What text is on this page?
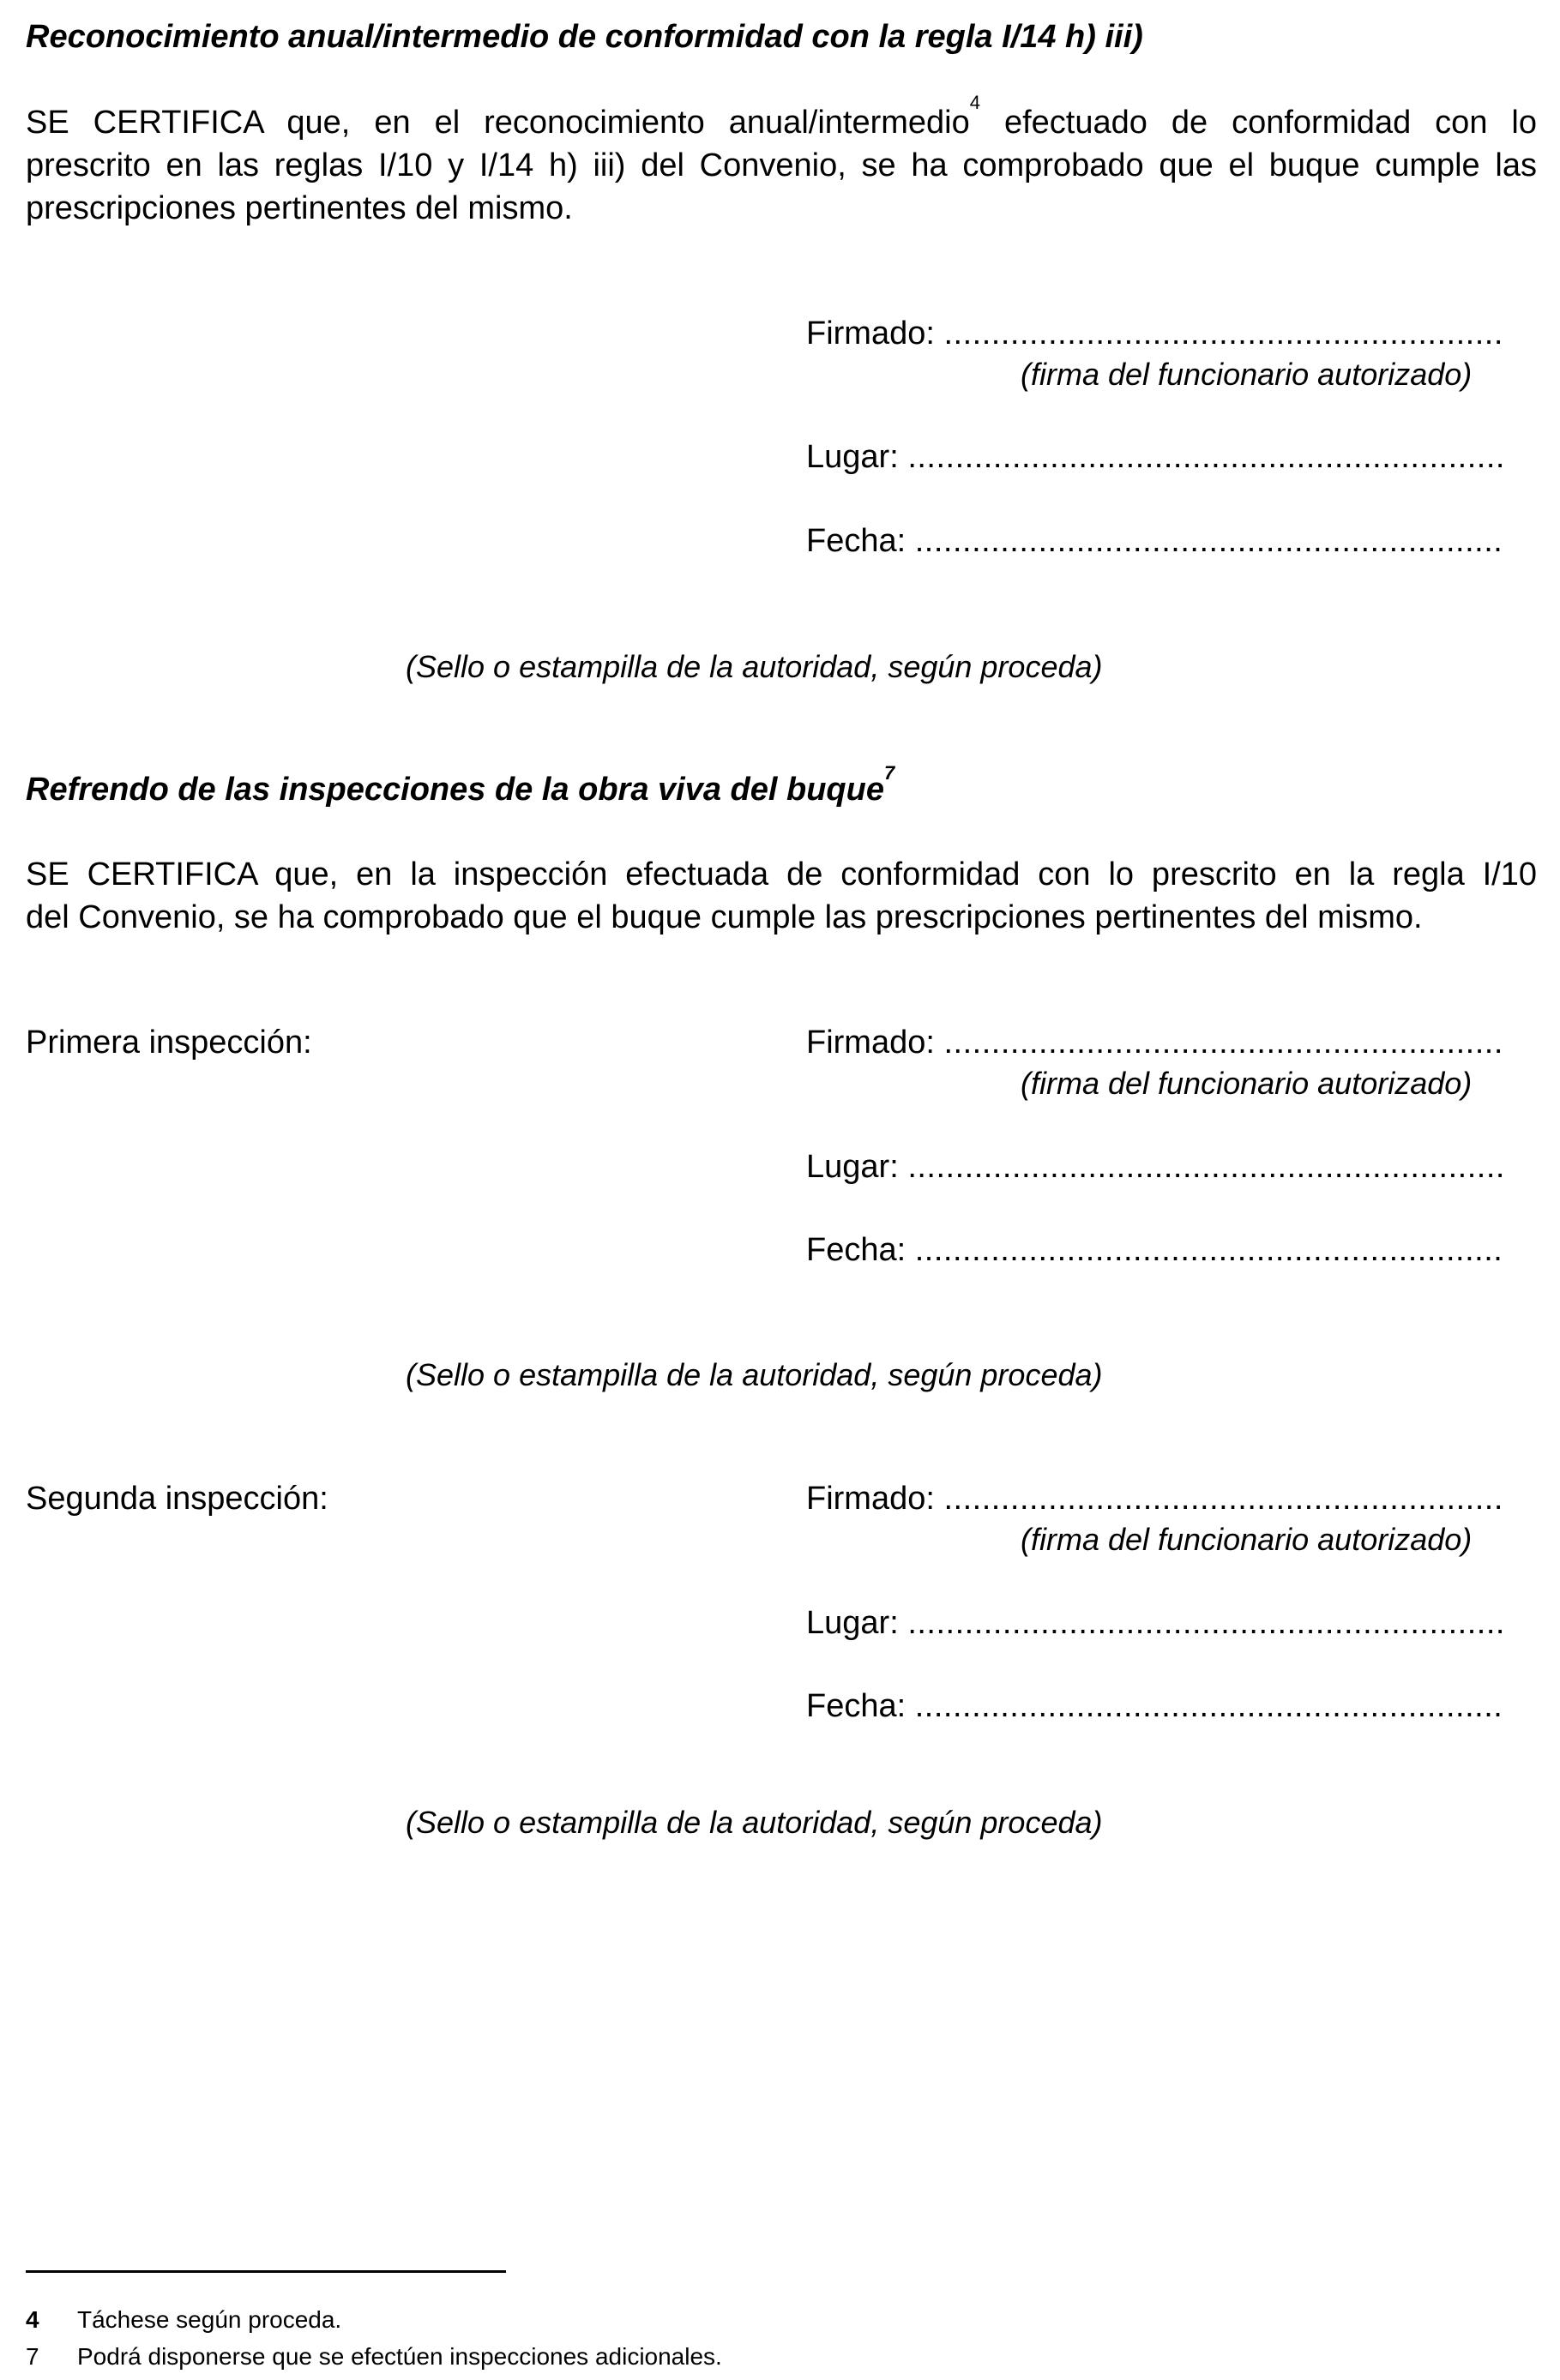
Reconocimiento anual/intermedio de conformidad con la regla I/14 h) iii)
SE CERTIFICA que, en el reconocimiento anual/intermedio$^4$ efectuado de conformidad con lo
prescrito en las reglas I/10 y I/14 h) iii) del Convenio, se ha comprobado que el buque cumple las
prescripciones pertinentes del mismo.
Firmado: ...........................................................
(firma del funcionario autorizado)
Lugar: ...............................................................
Fecha: ..............................................................
(Sello o estampilla de la autoridad, según proceda)
Refrendo de las inspecciones de la obra viva del buque$^7$
SE CERTIFICA que, en la inspección efectuada de conformidad con lo prescrito en la regla I/10
del Convenio, se ha comprobado que el buque cumple las prescripciones pertinentes del mismo.
Primera inspección:	Firmado: ...........................................................
(firma del funcionario autorizado)
Lugar: ...............................................................
Fecha: ..............................................................
(Sello o estampilla de la autoridad, según proceda)
Segunda inspección:	Firmado: ...........................................................
(firma del funcionario autorizado)
Lugar: ...............................................................
Fecha: ..............................................................
(Sello o estampilla de la autoridad, según proceda)
4 Táchese según proceda.
7 Podrá disponerse que se efectúen inspecciones adicionales.
